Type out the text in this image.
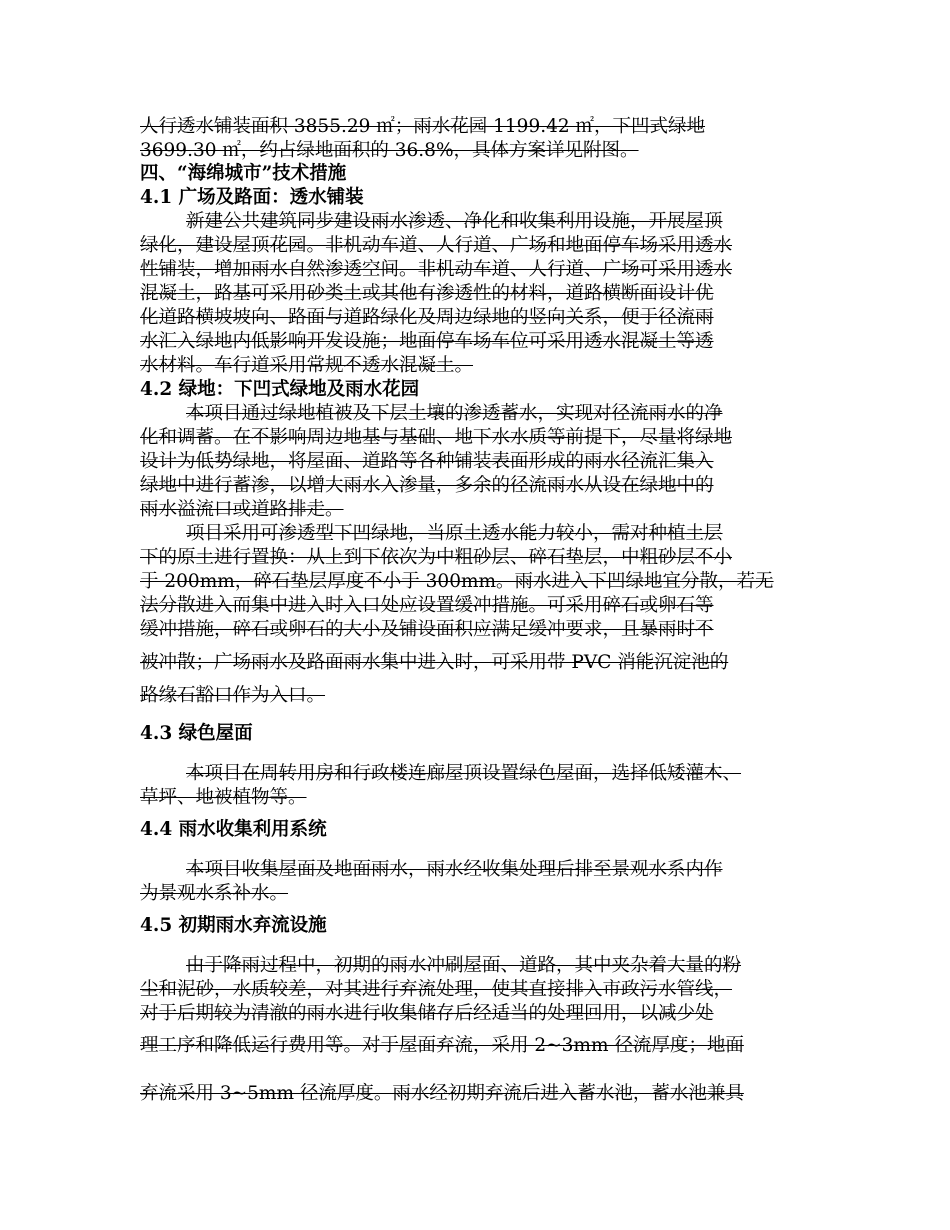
人行透水铺装面积 3855.29 ㎡；雨水花园 1199.42 ㎡，下凹式绿地
3699.30 ㎡，约占绿地面积的 36.8%，具体方案详见附图。
四、“海绵城市”技术措施
4.1 广场及路面：透水铺装
新建公共建筑同步建设雨水渗透、净化和收集利用设施，开展屋顶
绿化，建设屋顶花园。非机动车道、人行道、广场和地面停车场采用透水
性铺装，增加雨水自然渗透空间。非机动车道、人行道、广场可采用透水
混凝土，路基可采用砂类土或其他有渗透性的材料，道路横断面设计优
化道路横坡坡向、路面与道路绿化及周边绿地的竖向关系，便于径流雨
水汇入绿地内低影响开发设施；地面停车场车位可采用透水混凝土等透
水材料。车行道采用常规不透水混凝土。
4.2 绿地：下凹式绿地及雨水花园
本项目通过绿地植被及下层土壤的渗透蓄水，实现对径流雨水的净
化和调蓄。在不影响周边地基与基础、地下水水质等前提下，尽量将绿地
设计为低势绿地，将屋面、道路等各种铺装表面形成的雨水径流汇集入
绿地中进行蓄渗，以增大雨水入渗量，多余的径流雨水从设在绿地中的
雨水溢流口或道路排走。
项目采用可渗透型下凹绿地，当原土透水能力较小，需对种植土层
下的原土进行置换：从上到下依次为中粗砂层、碎石垫层，中粗砂层不小
于 200mm，碎石垫层厚度不小于 300mm。雨水进入下凹绿地宜分散，若无
法分散进入而集中进入时入口处应设置缓冲措施。可采用碎石或卵石等
缓冲措施，碎石或卵石的大小及铺设面积应满足缓冲要求，且暴雨时不
被冲散；广场雨水及路面雨水集中进入时，可采用带 PVC 消能沉淀池的
路缘石豁口作为入口。
4.3 绿色屋面
本项目在周转用房和行政楼连廊屋顶设置绿色屋面，选择低矮灌木、
草坪、地被植物等。
4.4 雨水收集利用系统
本项目收集屋面及地面雨水，雨水经收集处理后排至景观水系内作
为景观水系补水。
4.5 初期雨水弃流设施
由于降雨过程中，初期的雨水冲刷屋面、道路，其中夹杂着大量的粉
尘和泥砂，水质较差，对其进行弃流处理，使其直接排入市政污水管线，
对于后期较为清澈的雨水进行收集储存后经适当的处理回用，以减少处
理工序和降低运行费用等。对于屋面弃流，采用 2~3mm 径流厚度；地面
弃流采用 3~5mm 径流厚度。雨水经初期弃流后进入蓄水池，蓄水池兼具
